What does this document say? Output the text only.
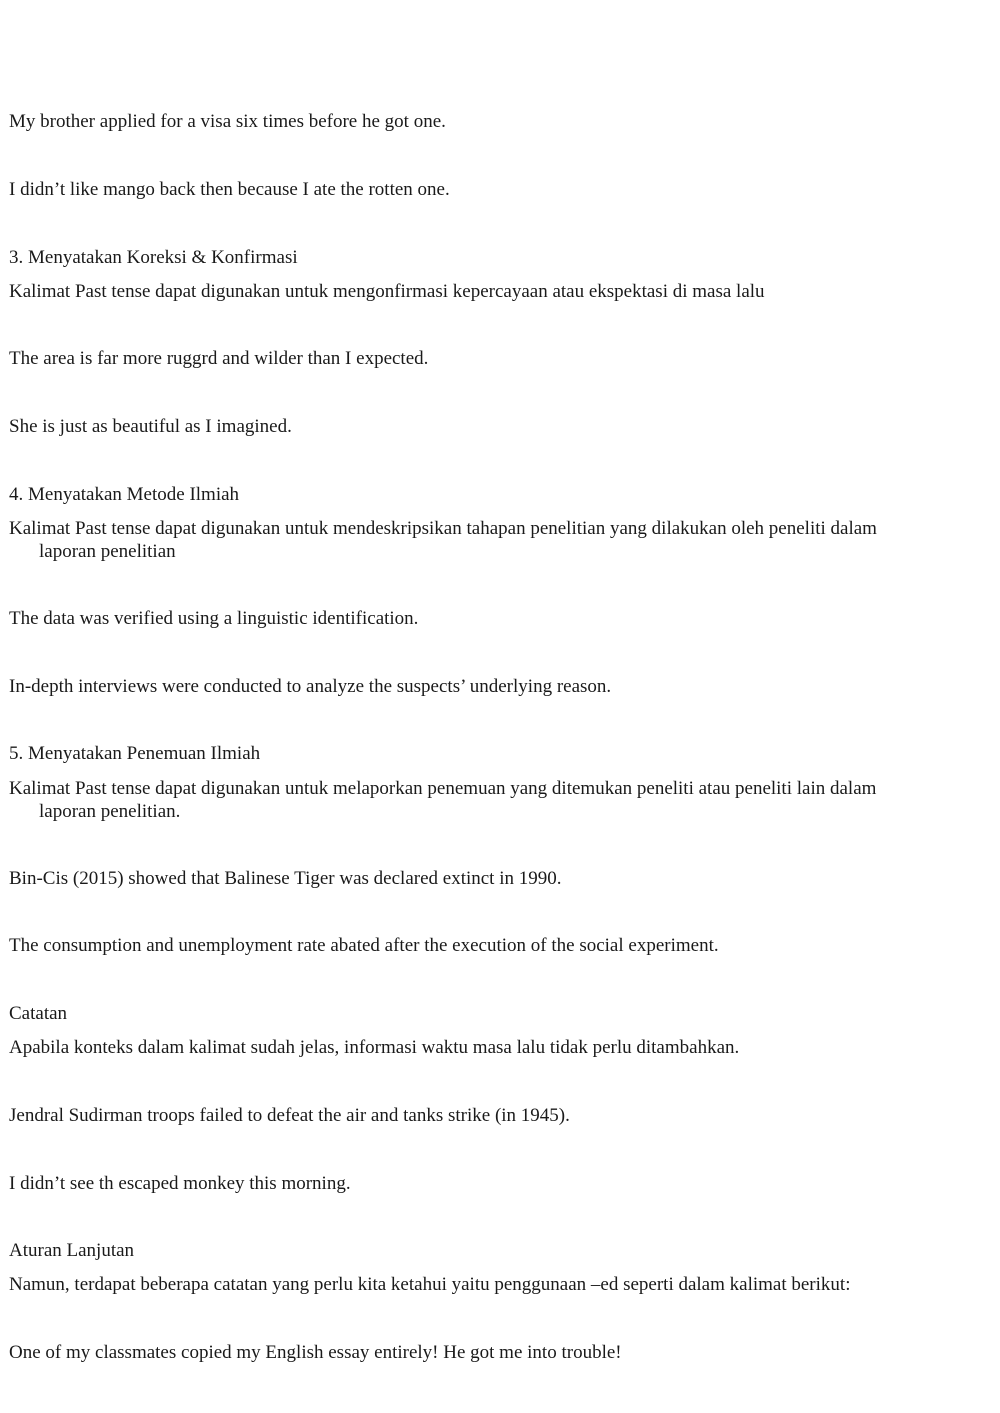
My brother applied for a visa six times before he got one.
I didn’t like mango back then because I ate the rotten one.
3. Menyatakan Koreksi & Konfirmasi
Kalimat Past tense dapat digunakan untuk mengonfirmasi kepercayaan atau ekspektasi di masa lalu
The area is far more ruggrd and wilder than I expected.
She is just as beautiful as I imagined.
4. Menyatakan Metode Ilmiah
Kalimat Past tense dapat digunakan untuk mendeskripsikan tahapan penelitian yang dilakukan oleh peneliti dalam
laporan penelitian
The data was verified using a linguistic identification.
In-depth interviews were conducted to analyze the suspects’ underlying reason.
5. Menyatakan Penemuan Ilmiah
Kalimat Past tense dapat digunakan untuk melaporkan penemuan yang ditemukan peneliti atau peneliti lain dalam
laporan penelitian.
Bin-Cis (2015) showed that Balinese Tiger was declared extinct in 1990.
The consumption and unemployment rate abated after the execution of the social experiment.
Catatan
Apabila konteks dalam kalimat sudah jelas, informasi waktu masa lalu tidak perlu ditambahkan.
Jendral Sudirman troops failed to defeat the air and tanks strike (in 1945).
I didn’t see th escaped monkey this morning.
Aturan Lanjutan
Namun, terdapat beberapa catatan yang perlu kita ketahui yaitu penggunaan –ed seperti dalam kalimat berikut:
One of my classmates copied my English essay entirely! He got me into trouble!
